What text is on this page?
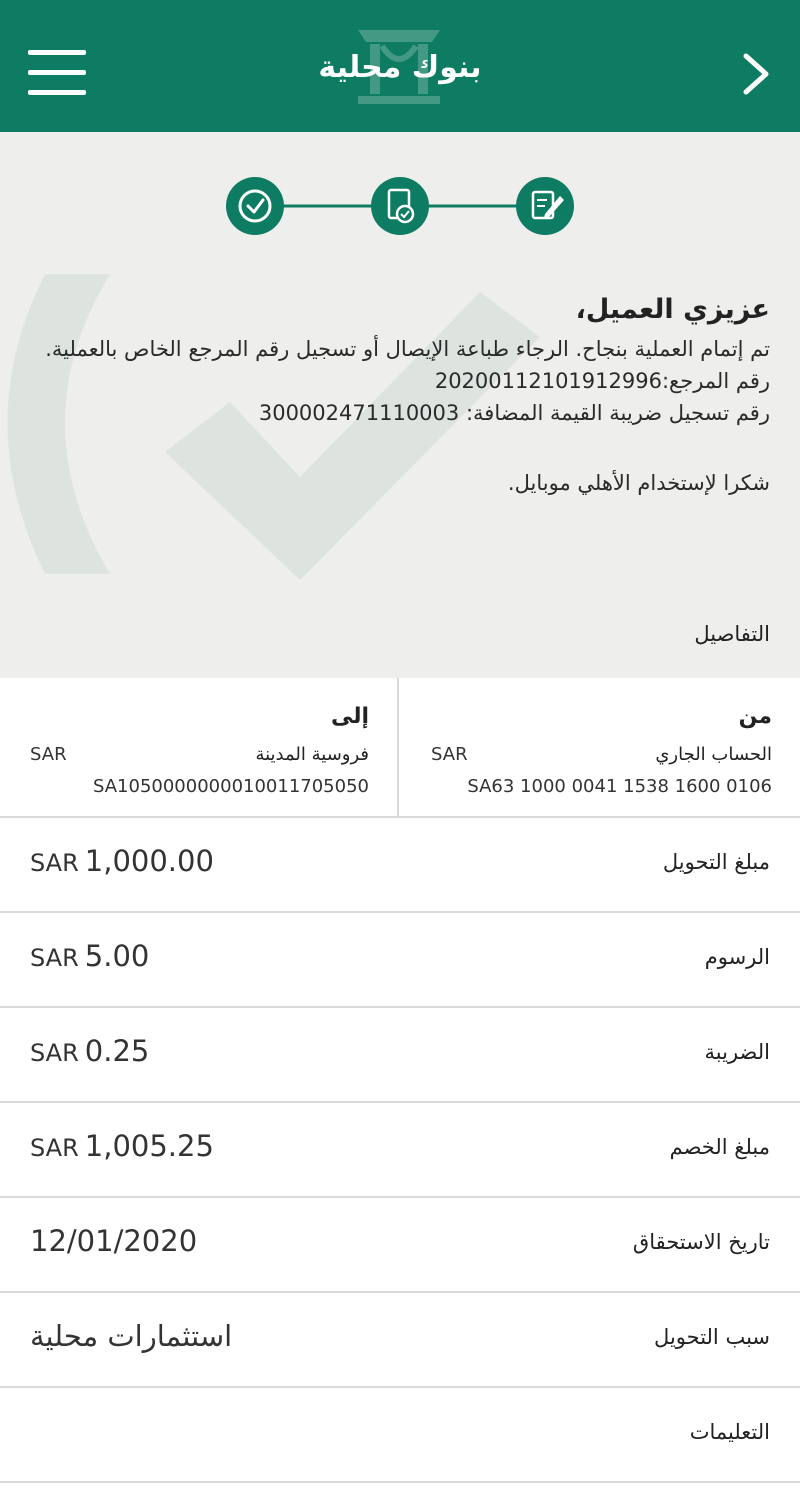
بنوك محلية
عزيزي العميل،

تم إتمام العملية بنجاح. الرجاء طباعة الإيصال أو تسجيل رقم المرجع الخاص بالعملية.

رقم المرجع:20200112101912996

رقم تسجيل ضريبة القيمة المضافة: 300002471110003

شكرا لإستخدام الأهلي موبايل.

التفاصيل
من
الحساب الجاري
SAR
SA63 1000 0041 1538 1600 0106
إلى
فروسية المدينة
SAR
SA1050000000010011705050
مبلغ التحويل
SAR 1,000.00
الرسوم
SAR 5.00
الضريبة
SAR 0.25
مبلغ الخصم
SAR 1,005.25
تاريخ الاستحقاق
12/01/2020
سبب التحويل
استثمارات محلية
التعليمات
